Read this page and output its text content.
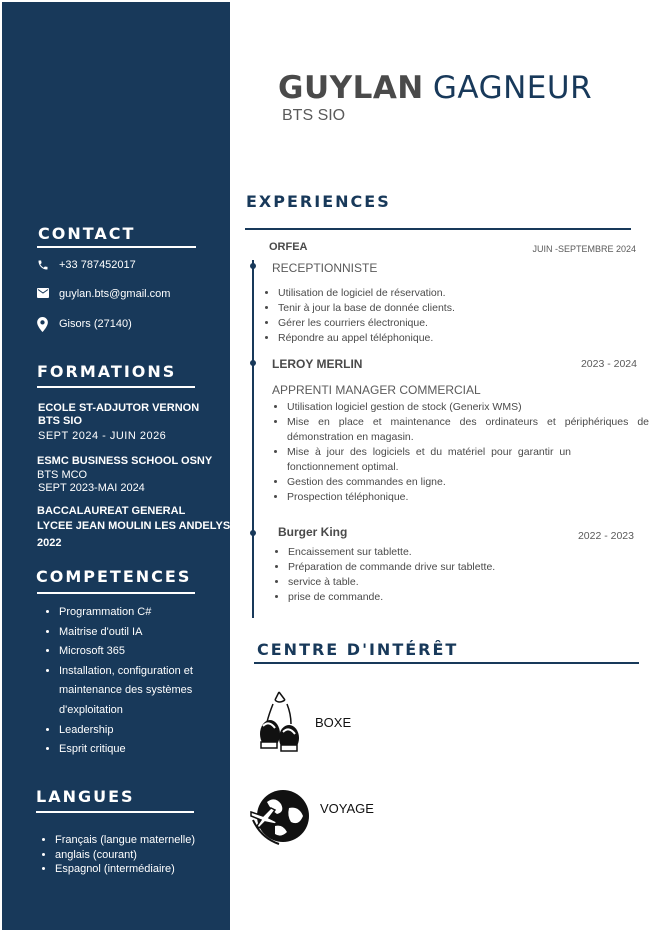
CONTACT
+33 787452017
guylan.bts@gmail.com
Gisors (27140)
FORMATIONS
ECOLE ST-ADJUTOR VERNON
BTS SIO
SEPT 2024 - JUIN 2026
ESMC BUSINESS SCHOOL OSNY
BTS MCO
SEPT 2023-MAI 2024
BACCALAUREAT GENERAL
LYCEE JEAN MOULIN LES ANDELYS
2022
COMPETENCES
• Programmation C#
• Maitrise d'outil IA
• Microsoft 365
• Installation, configuration et maintenance des systèmes d'exploitation
• Leadership
• Esprit critique
LANGUES
• Français (langue maternelle)
• anglais (courant)
• Espagnol (intermédiaire)
GUYLAN GAGNEUR
BTS SIO
EXPERIENCES
ORFEA	JUIN -SEPTEMBRE 2024
RECEPTIONNISTE
• Utilisation de logiciel de réservation.
• Tenir à jour la base de donnée clients.
• Gérer les courriers électronique.
• Répondre au appel téléphonique.
LEROY MERLIN	2023 - 2024
APPRENTI MANAGER COMMERCIAL
• Utilisation logiciel gestion de stock (Generix WMS)
• Mise en place et maintenance des ordinateurs et périphériques de démonstration en magasin.
• Mise à jour des logiciels et du matériel pour garantir un fonctionnement optimal.
• Gestion des commandes en ligne.
• Prospection téléphonique.
Burger King	2022 - 2023
• Encaissement sur tablette.
• Préparation de commande drive sur tablette.
• service à table.
• prise de commande.
CENTRE D'INTÉRÊT
BOXE
VOYAGE
